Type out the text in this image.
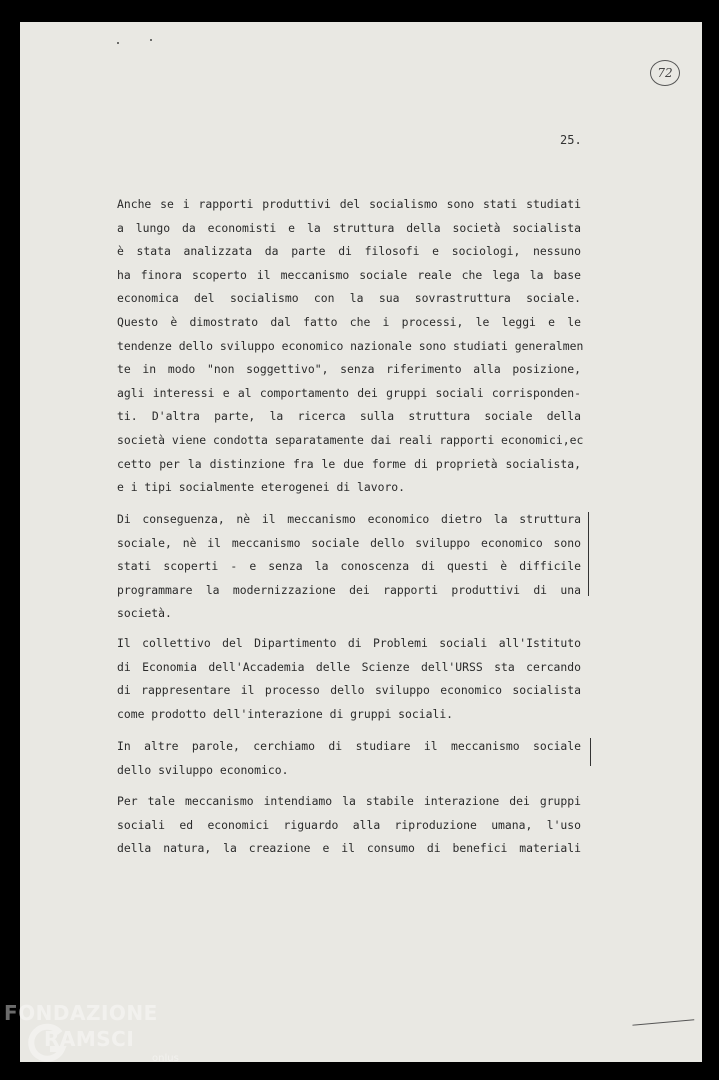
72
25.
Anche se i rapporti produttivi del socialismo sono stati studiati
a lungo da economisti e la struttura della società socialista
è stata analizzata da parte di filosofi e sociologi, nessuno
ha finora scoperto il meccanismo sociale reale che lega la base
economica del socialismo con la sua sovrastruttura sociale.
Questo è dimostrato dal fatto che i processi, le leggi e le
tendenze dello sviluppo economico nazionale sono studiati generalmen
te in modo "non soggettivo", senza riferimento alla posizione,
agli interessi e al comportamento dei gruppi sociali corrisponden-
ti. D'altra parte, la ricerca sulla struttura sociale della
società viene condotta separatamente dai reali rapporti economici,ec
cetto per la distinzione fra le due forme di proprietà socialista,
e i tipi socialmente eterogenei di lavoro.
Di conseguenza, nè il meccanismo economico dietro la struttura
sociale, nè il meccanismo sociale dello sviluppo economico sono
stati scoperti - e senza la conoscenza di questi è difficile
programmare la modernizzazione dei rapporti produttivi di una
società.
Il collettivo del Dipartimento di Problemi sociali all'Istituto
di Economia dell'Accademia delle Scienze dell'URSS sta cercando
di rappresentare il processo dello sviluppo economico socialista
come prodotto dell'interazione di gruppi sociali.
In altre parole, cerchiamo di studiare il meccanismo sociale
dello sviluppo economico.
Per tale meccanismo intendiamo la stabile interazione dei gruppi
sociali ed economici riguardo alla riproduzione umana, l'uso
della natura, la creazione e il consumo di benefici materiali
FONDAZIONE
RAMSCI
onlus
